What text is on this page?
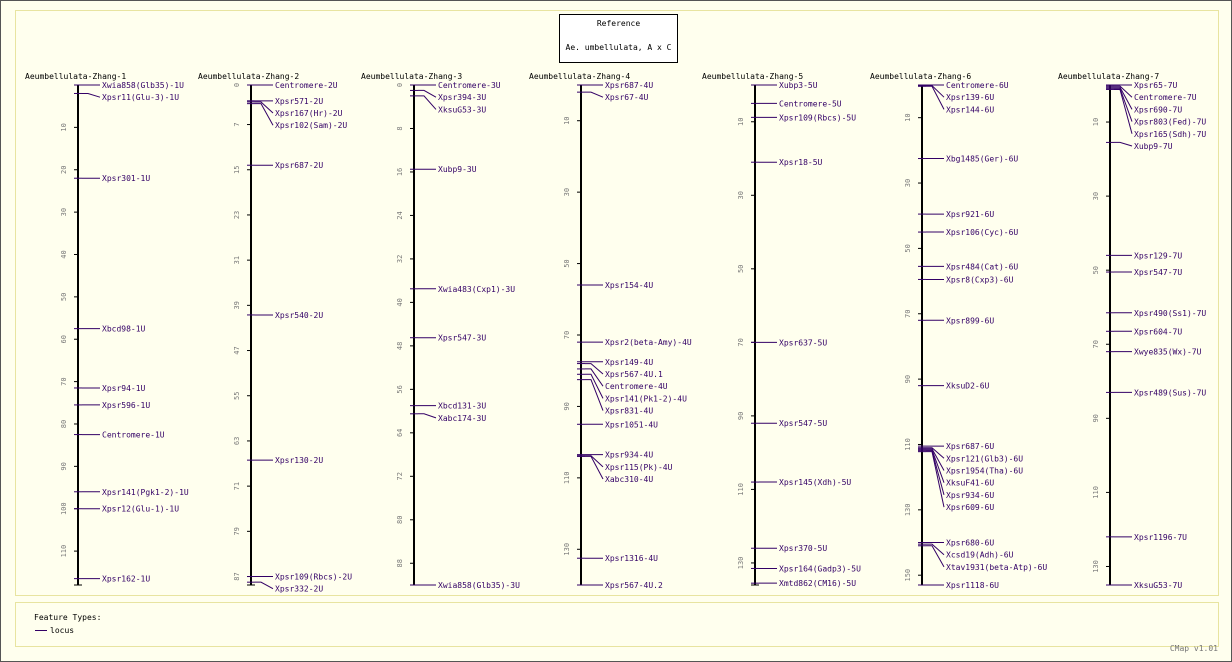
Reference
Ae. umbellulata, A x C
Aeumbellulata-Zhang-1
10
20
30
40
50
60
70
80
90
100
110
Xwia858(Glb35)-1U
Xpsr11(Glu-3)-1U
Xpsr301-1U
Xbcd98-1U
Xpsr94-1U
Xpsr596-1U
Centromere-1U
Xpsr141(Pgk1-2)-1U
Xpsr12(Glu-1)-1U
Xpsr162-1U
Aeumbellulata-Zhang-2
0
7
15
23
31
39
47
55
63
71
79
87
Centromere-2U
Xpsr571-2U
Xpsr167(Hr)-2U
Xpsr102(Sam)-2U
Xpsr687-2U
Xpsr540-2U
Xpsr130-2U
Xpsr109(Rbcs)-2U
Xpsr332-2U
Aeumbellulata-Zhang-3
0
8
16
24
32
40
48
56
64
72
80
88
Centromere-3U
Xpsr394-3U
XksuG53-3U
Xubp9-3U
Xwia483(Cxp1)-3U
Xpsr547-3U
Xbcd131-3U
Xabc174-3U
Xwia858(Glb35)-3U
Aeumbellulata-Zhang-4
10
30
50
70
90
110
130
Xpsr687-4U
Xpsr67-4U
Xpsr154-4U
Xpsr2(beta-Amy)-4U
Xpsr149-4U
Xpsr567-4U.1
Centromere-4U
Xpsr141(Pk1-2)-4U
Xpsr831-4U
Xpsr1051-4U
Xpsr934-4U
Xpsr115(Pk)-4U
Xabc310-4U
Xpsr1316-4U
Xpsr567-4U.2
Aeumbellulata-Zhang-5
10
30
50
70
90
110
130
Xubp3-5U
Centromere-5U
Xpsr109(Rbcs)-5U
Xpsr18-5U
Xpsr637-5U
Xpsr547-5U
Xpsr145(Xdh)-5U
Xpsr370-5U
Xpsr164(Gadp3)-5U
Xmtd862(CM16)-5U
Aeumbellulata-Zhang-6
10
30
50
70
90
110
130
150
Centromere-6U
Xpsr139-6U
Xpsr144-6U
Xbg1485(Ger)-6U
Xpsr921-6U
Xpsr106(Cyc)-6U
Xpsr484(Cat)-6U
Xpsr8(Cxp3)-6U
Xpsr899-6U
XksuD2-6U
Xpsr687-6U
Xpsr121(Glb3)-6U
Xpsr1954(Tha)-6U
XksuF41-6U
Xpsr934-6U
Xpsr609-6U
Xpsr680-6U
Xcsd19(Adh)-6U
Xtav1931(beta-Atp)-6U
Xpsr1118-6U
Aeumbellulata-Zhang-7
10
30
50
70
90
110
130
Xpsr65-7U
Centromere-7U
Xpsr690-7U
Xpsr803(Fed)-7U
Xpsr165(Sdh)-7U
Xubp9-7U
Xpsr129-7U
Xpsr547-7U
Xpsr490(Ss1)-7U
Xpsr604-7U
Xwye835(Wx)-7U
Xpsr489(Sus)-7U
Xpsr1196-7U
XksuG53-7U
Feature Types:
locus
CMap v1.01
